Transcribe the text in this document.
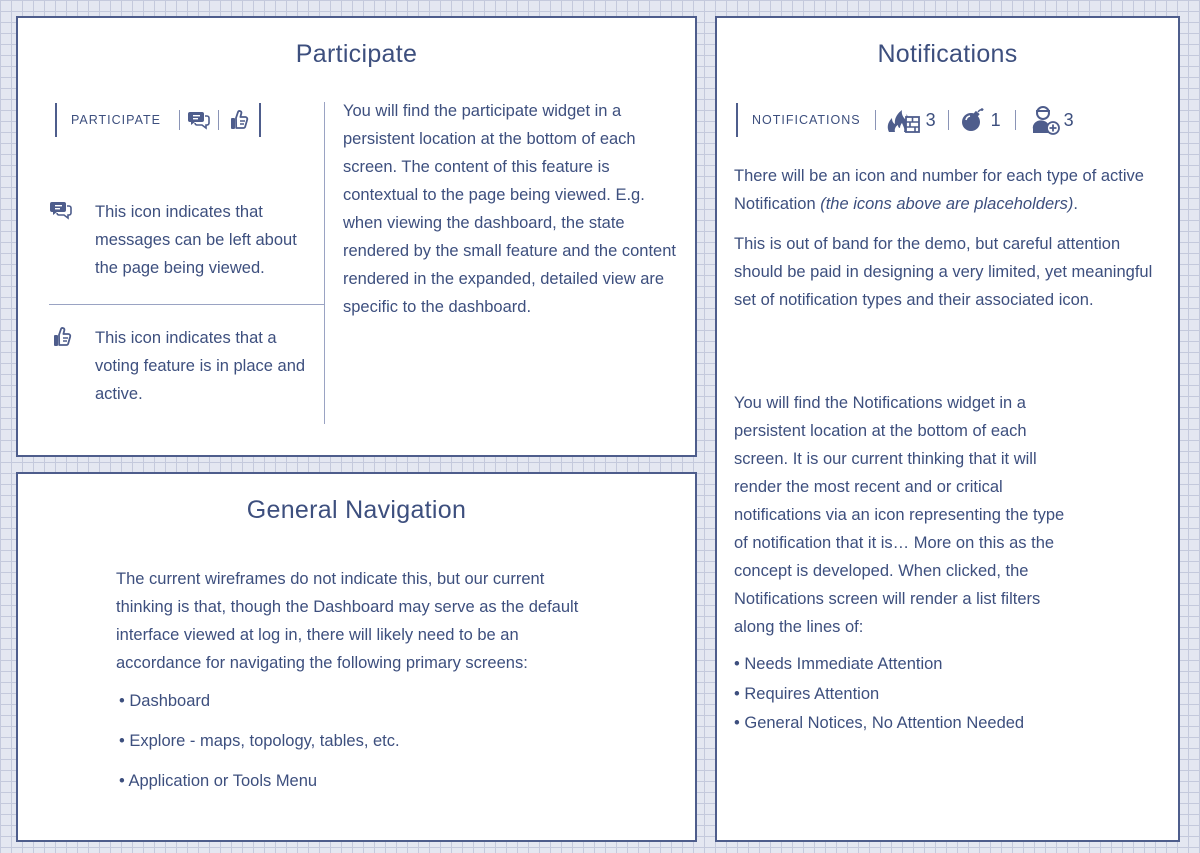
Participate
PARTICIPATE	You will find the participate widget in a persistent location at the bottom of each screen. The content of this feature is contextual to the page being viewed. E.g. when viewing the dashboard, the state rendered by the small feature and the content rendered in the expanded, detailed view are specific to the dashboard.

This icon indicates that messages can be left about the page being viewed.

This icon indicates that a voting feature is in place and active.

General Navigation

The current wireframes do not indicate this, but our current thinking is that, though the Dashboard may serve as the default interface viewed at log in, there will likely need to be an accordance for navigating the following primary screens:

• Dashboard
• Explore - maps, topology, tables, etc.
• Application or Tools Menu
Notifications
NOTIFICATIONS	3	1	3

There will be an icon and number for each type of active Notification (the icons above are placeholders).

This is out of band for the demo, but careful attention should be paid in designing a very limited, yet meaningful set of notification types and their associated icon.

You will find the Notifications widget in a persistent location at the bottom of each screen. It is our current thinking that it will render the most recent and or critical notifications via an icon representing the type of notification that it is… More on this as the concept is developed. When clicked, the Notifications screen will render a list filters along the lines of:

• Needs Immediate Attention
• Requires Attention
• General Notices, No Attention Needed
